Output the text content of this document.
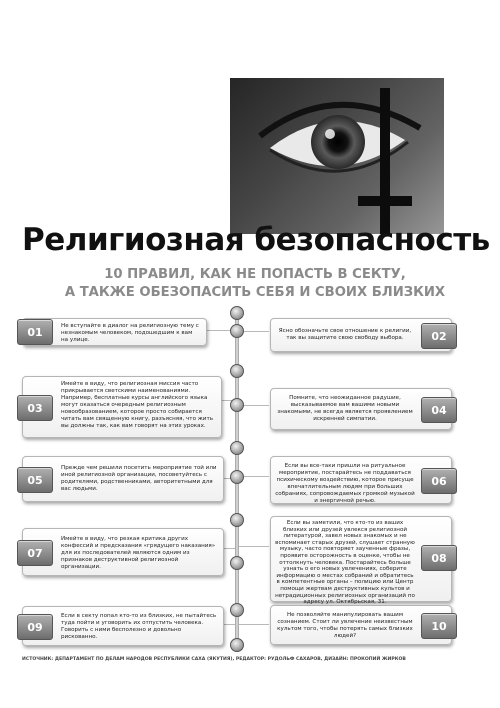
Религиозная безопасность
10 ПРАВИЛ, КАК НЕ ПОПАСТЬ В СЕКТУ,
А ТАКЖЕ ОБЕЗОПАСИТЬ СЕБЯ И СВОИХ БЛИЗКИХ
01	Не вступайте в диалог на религиозную тему с незнакомым человеком, подошедшим к вам на улице.
Ясно обозначьте свое отношение к религии, так вы защитите свою свободу выбора.	02
03
Имейте в виду, что религиозная миссия часто прикрывается светскими наименованиями. Например, бесплатные курсы английского языка могут оказаться очередным религиозным новообразованием, которое просто собирается читать вам священную книгу, разъясняя, что жить вы должны так, как вам говорят на этих уроках.
Помните, что неожиданное радушие, высказываемое вам вашими новыми знакомыми, не всегда является проявлением искренней симпатии.
04
05
Прежде чем решили посетить мероприятие той или иной религиозной организации, посоветуйтесь с родителями, родственниками, авторитетными для вас людьми.
Если вы все-таки пришли на ритуальное мероприятие, постарайтесь не поддаваться психическому воздействию, которое присуще впечатлительным людям при больших собраниях, сопровождаемых громкой музыкой и энергичной речью.
06
07
Имейте в виду, что резкая критика других конфессий и предсказания «грядущего наказания» для их последователей являются одним из признаков деструктивной религиозной организации.
Если вы заметили, что кто-то из ваших близких или друзей увлекся религиозной литературой, завел новых знакомых и не вспоминает старых друзей, слушает странную музыку, часто повторяет заученные фразы, проявите осторожность в оценке, чтобы не оттолкнуть человека. Постарайтесь больше узнать о его новых увлечениях, соберите информацию о местах собраний и обратитесь в компетентные органы – полицию или Центр помощи жертвам деструктивных культов и нетрадиционных религиозных организаций по адресу ул. Октябрьская, 31.
08
09
Если в секту попал кто-то из близких, не пытайтесь туда пойти и уговорить их отпустить человека. Говорить с ними бесполезно и довольно рискованно.
Не позволяйте манипулировать вашим сознанием. Стоит ли увлечение неизвестным культом того, чтобы потерять самых близких людей?
10
ИСТОЧНИК: ДЕПАРТАМЕНТ ПО ДЕЛАМ НАРОДОВ РЕСПУБЛИКИ САХА (ЯКУТИЯ), РЕДАКТОР: РУДОЛЬФ САХАРОВ, ДИЗАЙН: ПРОКОПИЙ ЖИРКОВ
